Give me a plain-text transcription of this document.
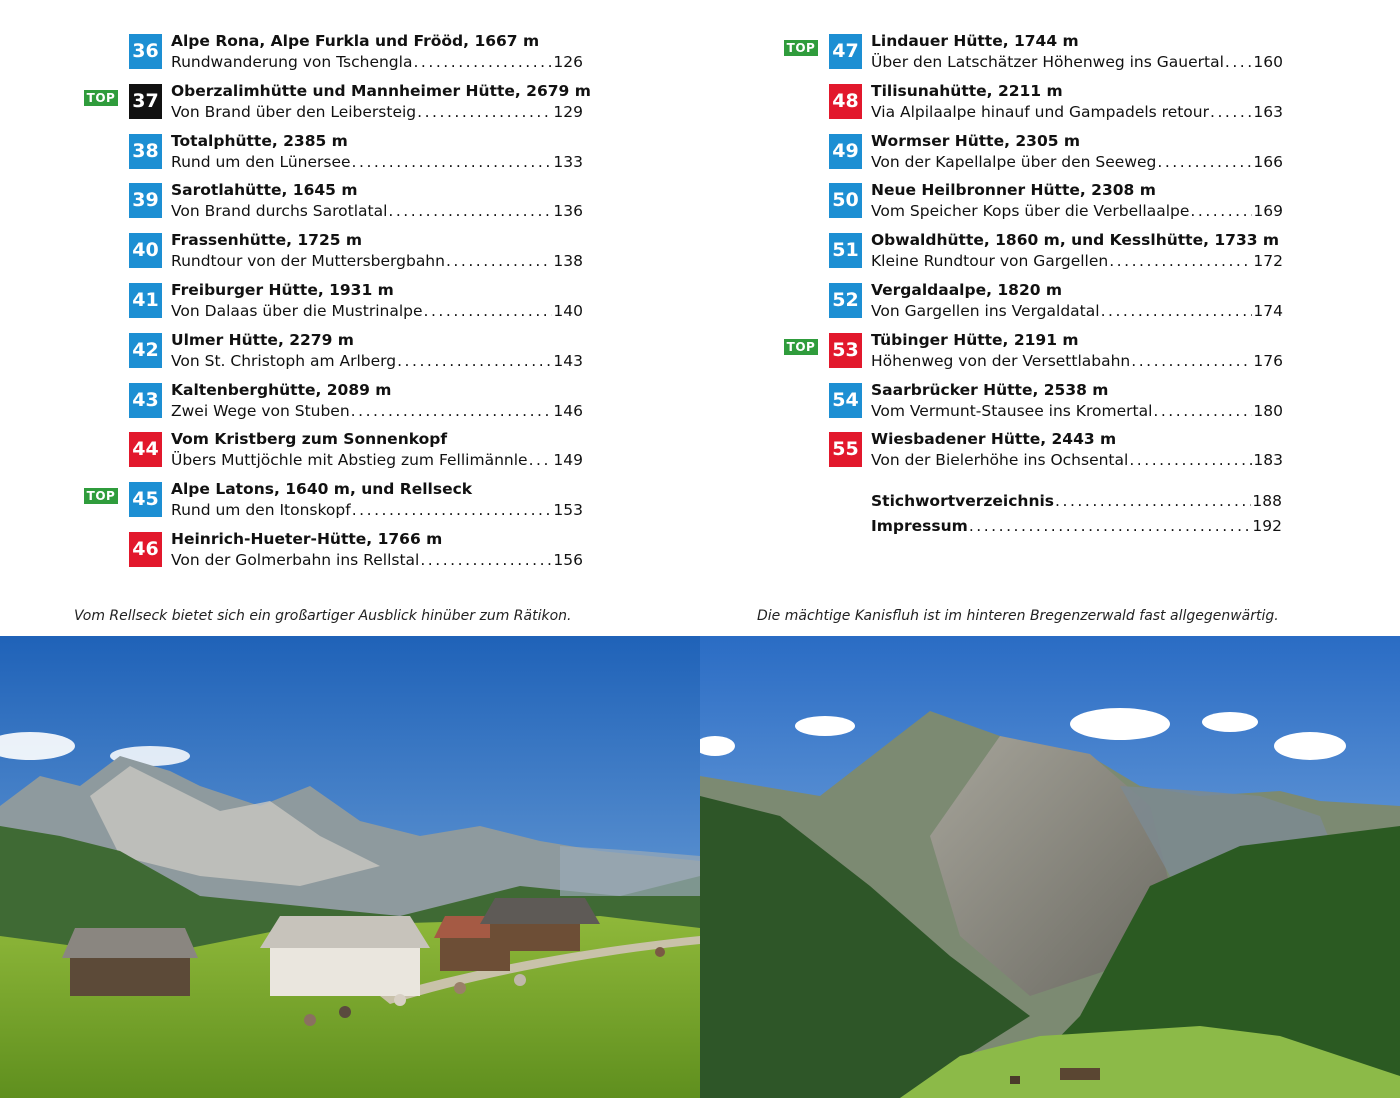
36 Alpe Rona, Alpe Furkla und Frööd, 1667 m
Rundwanderung von Tschengla . . .	126
TOP 37 Oberzalimhütte und Mannheimer Hütte, 2679 m
Von Brand über den Leibersteig . . .	129
38 Totalphütte, 2385 m
Rund um den Lünersee . . .	133
39 Sarotlahütte, 1645 m
Von Brand durchs Sarotlatal . . .	136
40 Frassenhütte, 1725 m
Rundtour von der Muttersbergbahn . . .	138
41 Freiburger Hütte, 1931 m
Von Dalaas über die Mustrinalpe . . .	140
42 Ulmer Hütte, 2279 m
Von St. Christoph am Arlberg . . .	143
43 Kaltenberghütte, 2089 m
Zwei Wege von Stuben . . .	146
44 Vom Kristberg zum Sonnenkopf
Übers Muttjöchle mit Abstieg zum Fellimännle . . . 149
TOP 45 Alpe Latons, 1640 m, und Rellseck
Rund um den Itonskopf . . .	153
46 Heinrich-Hueter-Hütte, 1766 m
Von der Golmerbahn ins Rellstal . . .	156
TOP 47 Lindauer Hütte, 1744 m
Über den Latschätzer Höhenweg ins Gauertal . . . 160
48 Tilisunahütte, 2211 m
Via Alpilaalpe hinauf und Gampadels retour . . .	163
49 Wormser Hütte, 2305 m
Von der Kapellalpe über den Seeweg . . .	166
50 Neue Heilbronner Hütte, 2308 m
Vom Speicher Kops über die Verbellaalpe . . .	169
51 Obwaldhütte, 1860 m, und Kesslhütte, 1733 m
Kleine Rundtour von Gargellen . . .	172
52 Vergaldaalpe, 1820 m
Von Gargellen ins Vergaldatal . . .	174
TOP 53 Tübinger Hütte, 2191 m
Höhenweg von der Versettlabahn . . .	176
54 Saarbrücker Hütte, 2538 m
Vom Vermunt-Stausee ins Kromertal . . .	180
55 Wiesbadener Hütte, 2443 m
Von der Bielerhöhe ins Ochsental . . .	183
Stichwortverzeichnis . . .	188
Impressum . . .	192
Vom Rellseck bietet sich ein großartiger Ausblick hinüber zum Rätikon.	Die mächtige Kanisfluh ist im hinteren Bregenzerwald fast allgegenwärtig.
